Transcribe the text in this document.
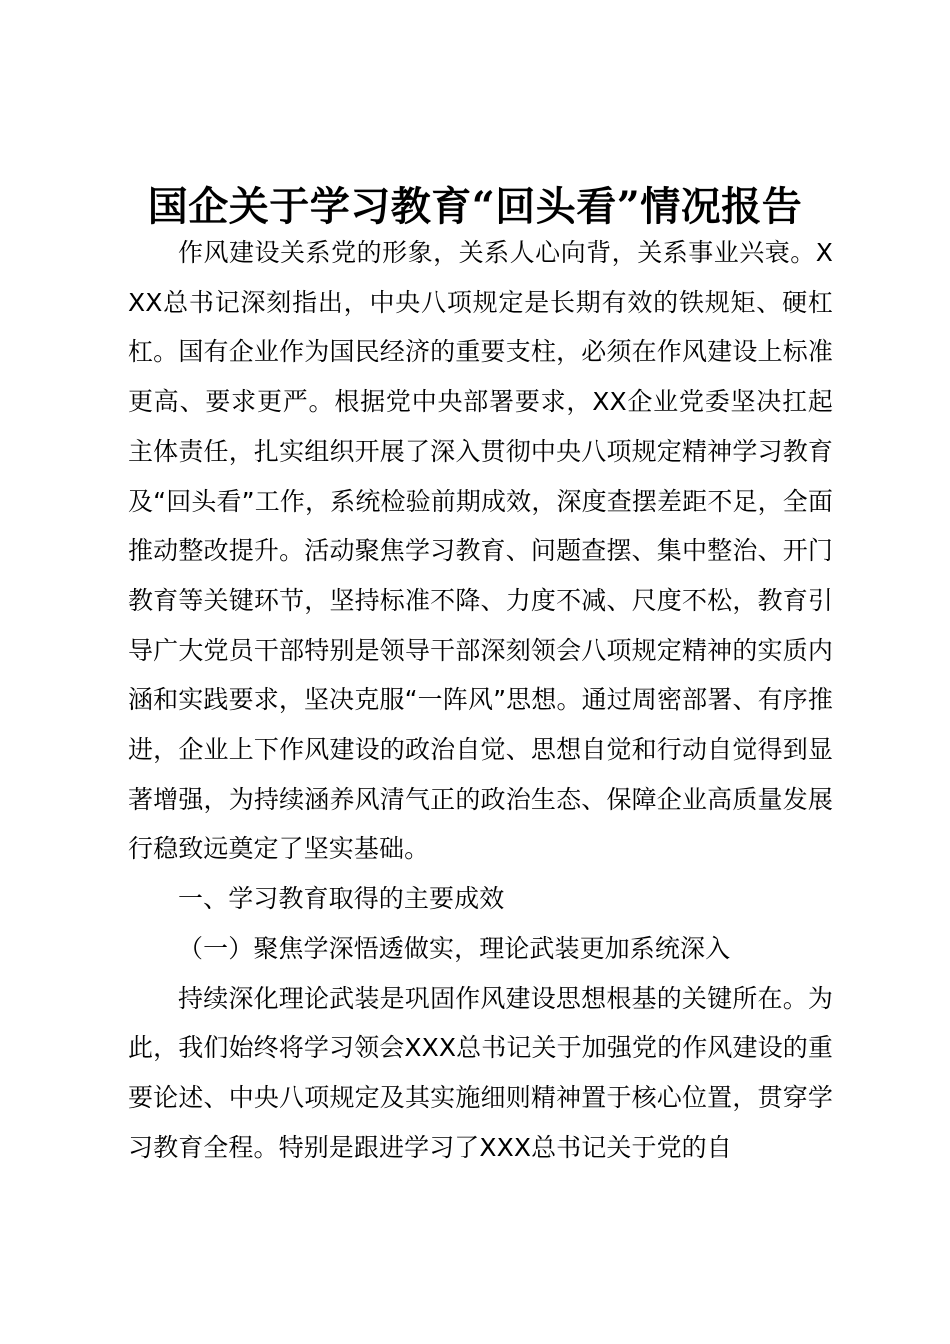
国企关于学习教育“回头看”情况报告

作风建设关系党的形象，关系人心向背，关系事业兴衰。XXX总书记深刻指出，中央八项规定是长期有效的铁规矩、硬杠杠。国有企业作为国民经济的重要支柱，必须在作风建设上标准更高、要求更严。根据党中央部署要求，XX企业党委坚决扛起主体责任，扎实组织开展了深入贯彻中央八项规定精神学习教育及“回头看”工作，系统检验前期成效，深度查摆差距不足，全面推动整改提升。活动聚焦学习教育、问题查摆、集中整治、开门教育等关键环节，坚持标准不降、力度不减、尺度不松，教育引导广大党员干部特别是领导干部深刻领会八项规定精神的实质内涵和实践要求，坚决克服“一阵风”思想。通过周密部署、有序推进，企业上下作风建设的政治自觉、思想自觉和行动自觉得到显著增强，为持续涵养风清气正的政治生态、保障企业高质量发展行稳致远奠定了坚实基础。

一、学习教育取得的主要成效

（一）聚焦学深悟透做实，理论武装更加系统深入

持续深化理论武装是巩固作风建设思想根基的关键所在。为此，我们始终将学习领会XXX总书记关于加强党的作风建设的重要论述、中央八项规定及其实施细则精神置于核心位置，贯穿学习教育全程。特别是跟进学习了XXX总书记关于党的自
